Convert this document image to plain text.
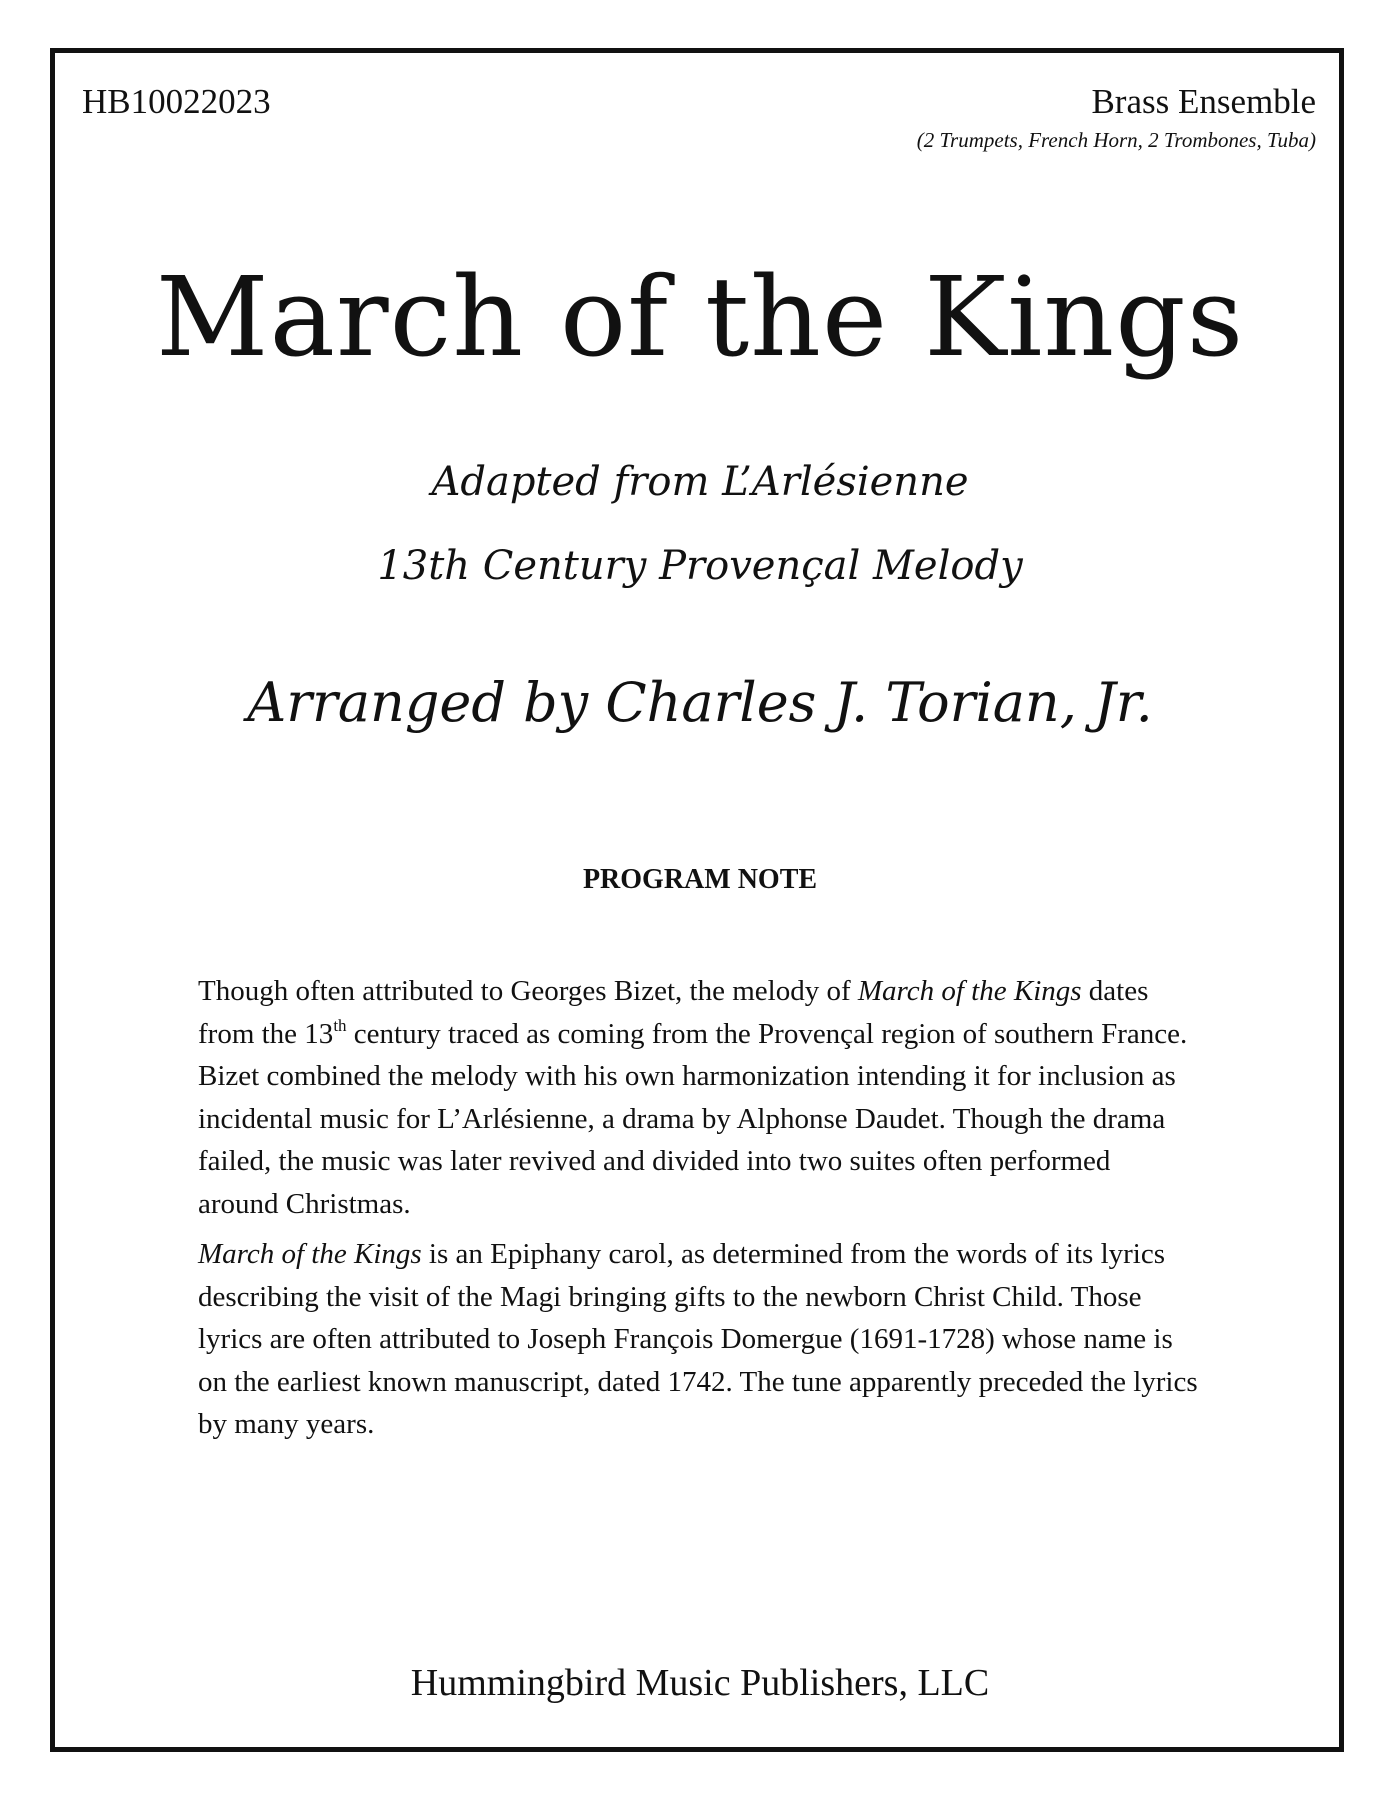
HB10022023	Brass Ensemble
(2 Trumpets, French Horn, 2 Trombones, Tuba)
March of the Kings
Adapted from L’Arlésienne
13th Century Provençal Melody
Arranged by Charles J. Torian, Jr.
PROGRAM NOTE

Though often attributed to Georges Bizet, the melody of March of the Kings dates from the 13th century traced as coming from the Provençal region of southern France. Bizet combined the melody with his own harmonization intending it for inclusion as incidental music for L’Arlésienne, a drama by Alphonse Daudet. Though the drama failed, the music was later revived and divided into two suites often performed around Christmas.

March of the Kings is an Epiphany carol, as determined from the words of its lyrics describing the visit of the Magi bringing gifts to the newborn Christ Child. Those lyrics are often attributed to Joseph François Domergue (1691-1728) whose name is on the earliest known manuscript, dated 1742. The tune apparently preceded the lyrics by many years.

Hummingbird Music Publishers, LLC
